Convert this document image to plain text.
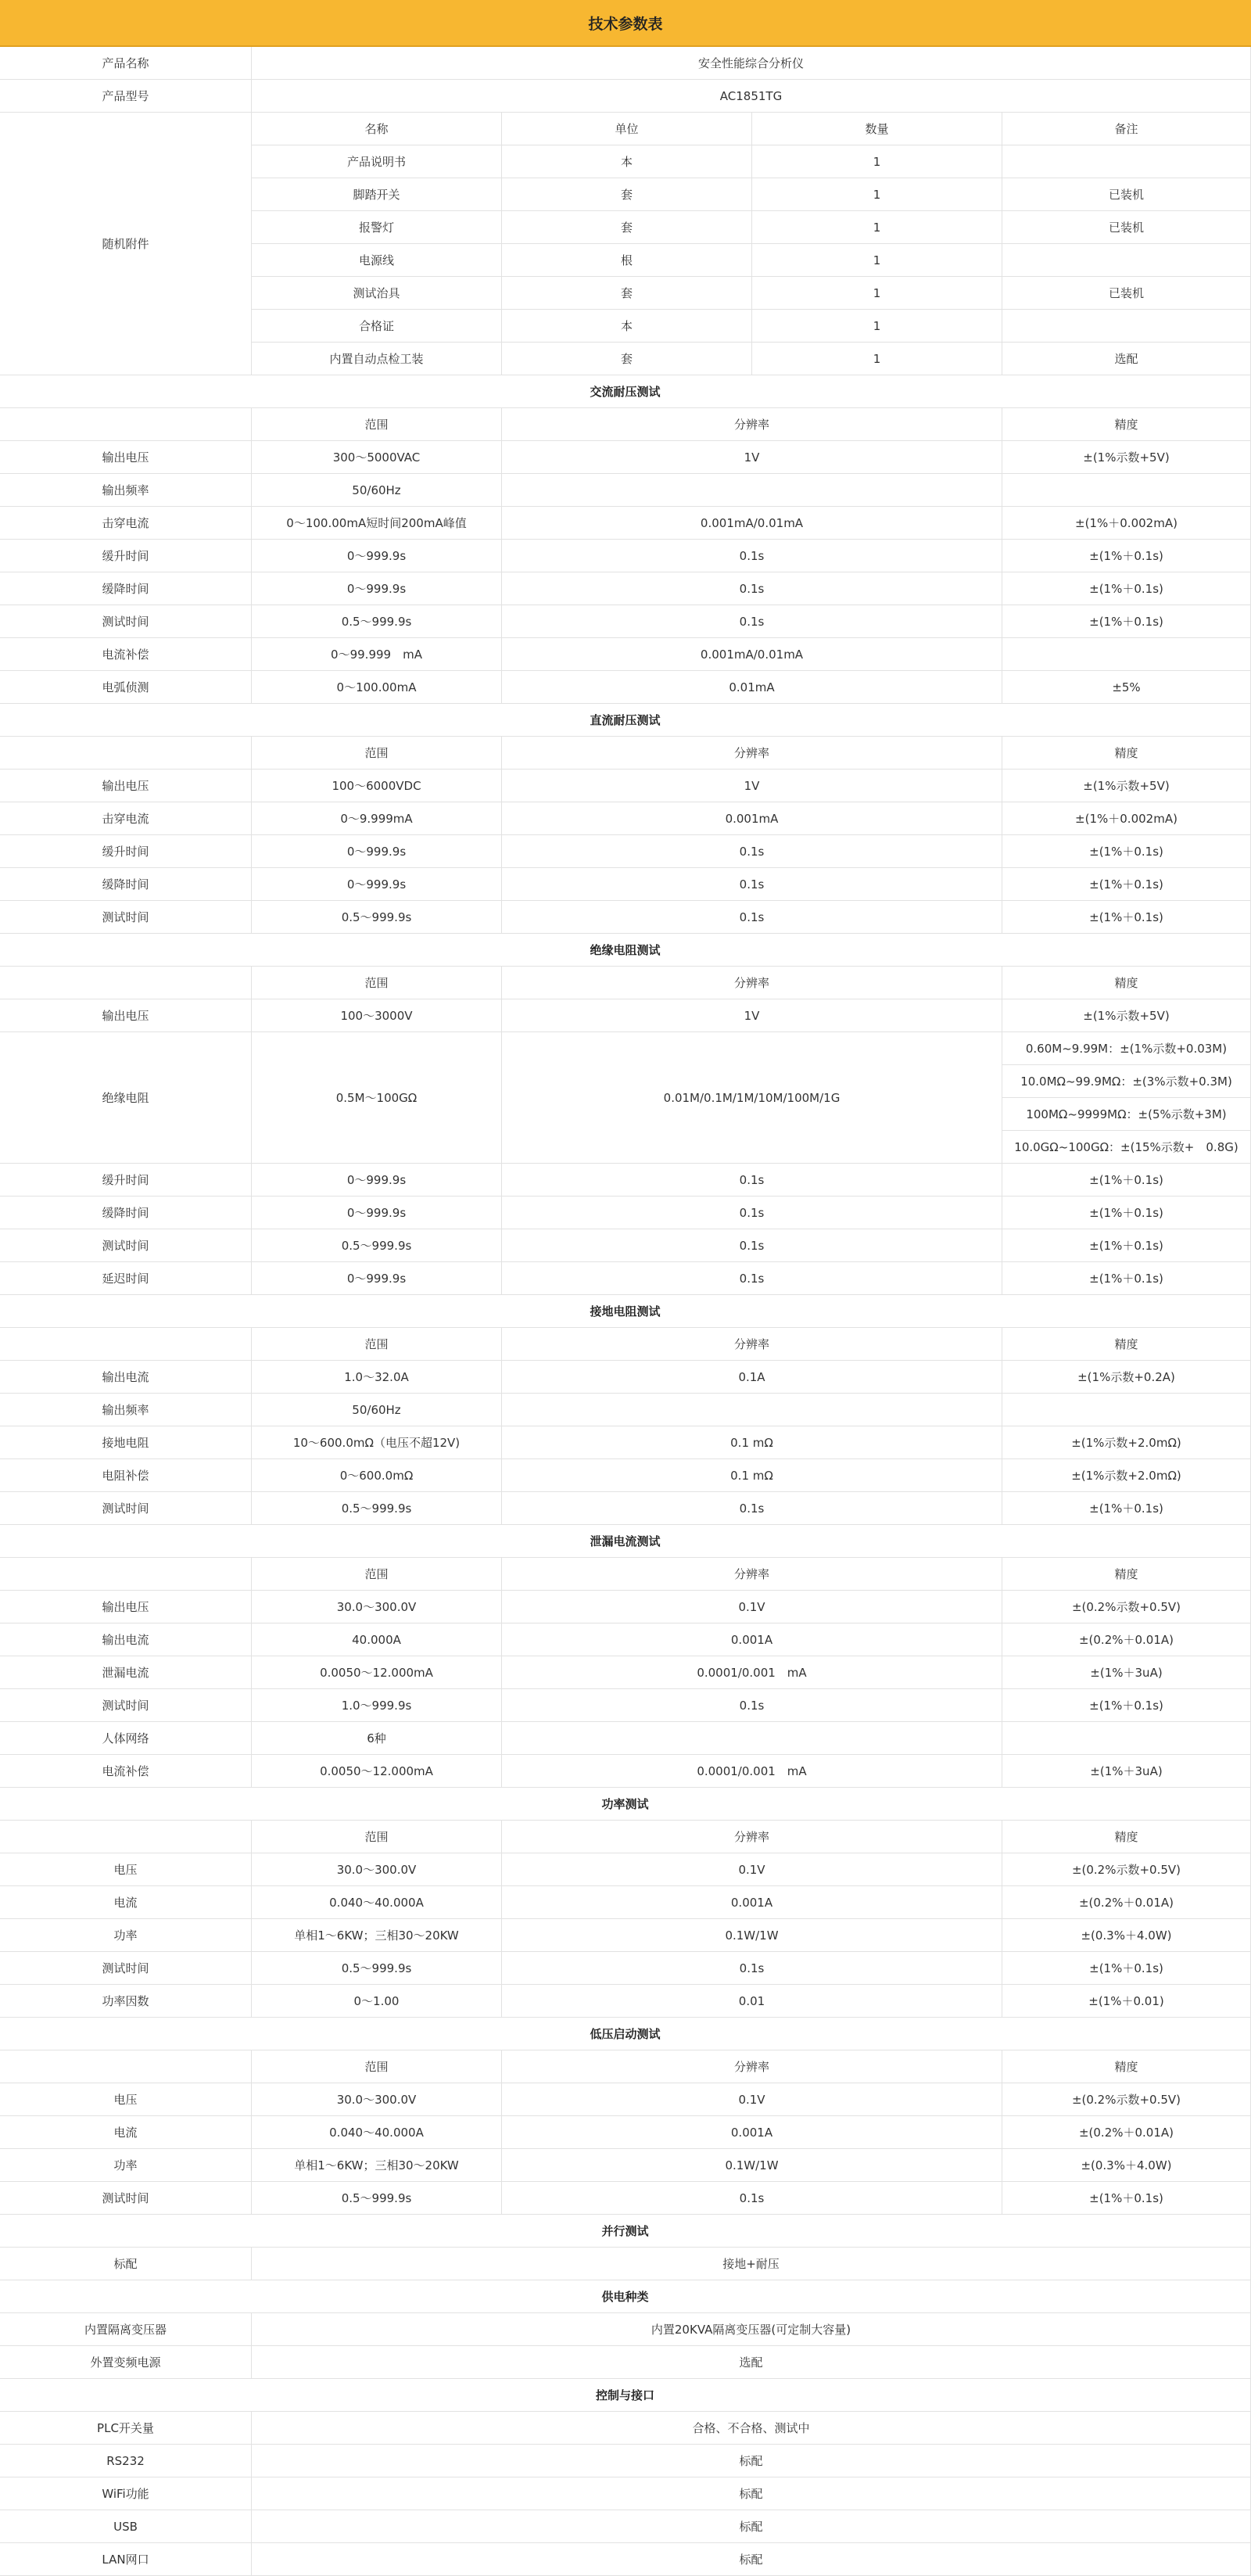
技术参数表
产品名称	安全性能综合分析仪
产品型号	AC1851TG
随机附件
名称	单位	数量	备注
产品说明书	本	1
脚踏开关	套	1	已装机
报警灯	套	1	已装机
电源线	根	1
测试治具	套	1	已装机
合格证	本	1
内置自动点检工装	套	1	选配
交流耐压测试
范围	分辨率	精度
输出电压	300～5000VAC	1V	±(1%示数+5V)
输出频率	50/60Hz
击穿电流	0～100.00mA短时间200mA峰值	0.001mA/0.01mA	±(1%＋0.002mA)
缓升时间	0～999.9s	0.1s	±(1%＋0.1s)
缓降时间	0～999.9s	0.1s	±(1%＋0.1s)
测试时间	0.5～999.9s	0.1s	±(1%＋0.1s)
电流补偿	0～99.999　mA	0.001mA/0.01mA
电弧侦测	0～100.00mA	0.01mA	±5%
直流耐压测试
范围	分辨率	精度
输出电压	100～6000VDC	1V	±(1%示数+5V)
击穿电流	0～9.999mA	0.001mA	±(1%＋0.002mA)
缓升时间	0～999.9s	0.1s	±(1%＋0.1s)
缓降时间	0～999.9s	0.1s	±(1%＋0.1s)
测试时间	0.5～999.9s	0.1s	±(1%＋0.1s)
绝缘电阻测试
范围	分辨率	精度
输出电压	100～3000V	1V	±(1%示数+5V)
绝缘电阻	0.5M～100GΩ	0.01M/0.1M/1M/10M/100M/1G
0.60M~9.99M：±(1%示数+0.03M)
10.0MΩ~99.9MΩ：±(3%示数+0.3M)
100MΩ~9999MΩ：±(5%示数+3M)
10.0GΩ~100GΩ：±(15%示数+　0.8G)
缓升时间	0～999.9s	0.1s	±(1%＋0.1s)
缓降时间	0～999.9s	0.1s	±(1%＋0.1s)
测试时间	0.5～999.9s	0.1s	±(1%＋0.1s)
延迟时间	0～999.9s	0.1s	±(1%＋0.1s)
接地电阻测试
范围	分辨率	精度
输出电流	1.0～32.0A	0.1A	±(1%示数+0.2A)
输出频率	50/60Hz
接地电阻	10～600.0mΩ（电压不超12V)	0.1 mΩ	±(1%示数+2.0mΩ)
电阻补偿	0～600.0mΩ	0.1 mΩ	±(1%示数+2.0mΩ)
测试时间	0.5～999.9s	0.1s	±(1%＋0.1s)
泄漏电流测试
范围	分辨率	精度
输出电压	30.0～300.0V	0.1V	±(0.2%示数+0.5V)
输出电流	40.000A	0.001A	±(0.2%＋0.01A)
泄漏电流	0.0050～12.000mA	0.0001/0.001　mA	±(1%＋3uA)
测试时间	1.0～999.9s	0.1s	±(1%＋0.1s)
人体网络	6种
电流补偿	0.0050～12.000mA	0.0001/0.001　mA	±(1%＋3uA)
功率测试
范围	分辨率	精度
电压	30.0～300.0V	0.1V	±(0.2%示数+0.5V)
电流	0.040～40.000A	0.001A	±(0.2%＋0.01A)
功率	单相1～6KW；三相30～20KW	0.1W/1W	±(0.3%＋4.0W)
测试时间	0.5～999.9s	0.1s	±(1%＋0.1s)
功率因数	0～1.00	0.01	±(1%＋0.01)
低压启动测试
范围	分辨率	精度
电压	30.0～300.0V	0.1V	±(0.2%示数+0.5V)
电流	0.040～40.000A	0.001A	±(0.2%＋0.01A)
功率	单相1～6KW；三相30～20KW	0.1W/1W	±(0.3%＋4.0W)
测试时间	0.5～999.9s	0.1s	±(1%＋0.1s)
并行测试
标配	接地+耐压
供电种类
内置隔离变压器	内置20KVA隔离变压器(可定制大容量)
外置变频电源	选配
控制与接口
PLC开关量	合格、不合格、测试中
RS232	标配
WiFi功能	标配
USB	标配
LAN网口	标配
